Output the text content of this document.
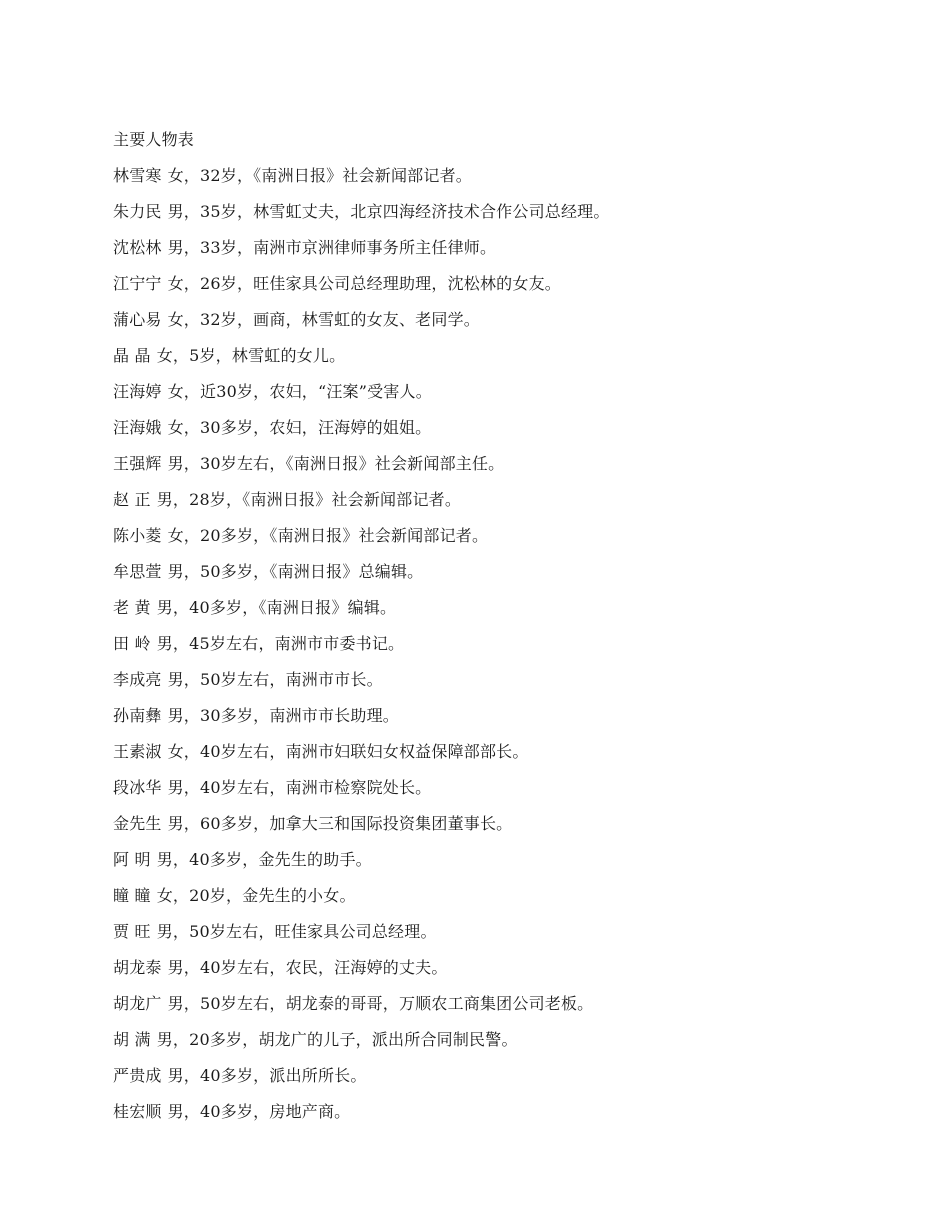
主要人物表
林雪寒 女，32岁，《南洲日报》社会新闻部记者。
朱力民 男，35岁，林雪虹丈夫，北京四海经济技术合作公司总经理。
沈松林 男，33岁，南洲市京洲律师事务所主任律师。
江宁宁 女，26岁，旺佳家具公司总经理助理，沈松林的女友。
蒲心易 女，32岁，画商，林雪虹的女友、老同学。
晶 晶 女，5岁，林雪虹的女儿。
汪海婷 女，近30岁，农妇，“汪案”受害人。
汪海娥 女，30多岁，农妇，汪海婷的姐姐。
王强辉 男，30岁左右，《南洲日报》社会新闻部主任。
赵 正 男，28岁，《南洲日报》社会新闻部记者。
陈小菱 女，20多岁，《南洲日报》社会新闻部记者。
牟思萱 男，50多岁，《南洲日报》总编辑。
老 黄 男，40多岁，《南洲日报》编辑。
田 岭 男，45岁左右，南洲市市委书记。
李成亮 男，50岁左右，南洲市市长。
孙南彝 男，30多岁，南洲市市长助理。
王素淑 女，40岁左右，南洲市妇联妇女权益保障部部长。
段冰华 男，40岁左右，南洲市检察院处长。
金先生 男，60多岁，加拿大三和国际投资集团董事长。
阿 明 男，40多岁，金先生的助手。
瞳 瞳 女，20岁，金先生的小女。
贾 旺 男，50岁左右，旺佳家具公司总经理。
胡龙泰 男，40岁左右，农民，汪海婷的丈夫。
胡龙广 男，50岁左右，胡龙泰的哥哥，万顺农工商集团公司老板。
胡 满 男，20多岁，胡龙广的儿子，派出所合同制民警。
严贵成 男，40多岁，派出所所长。
桂宏顺 男，40多岁，房地产商。
